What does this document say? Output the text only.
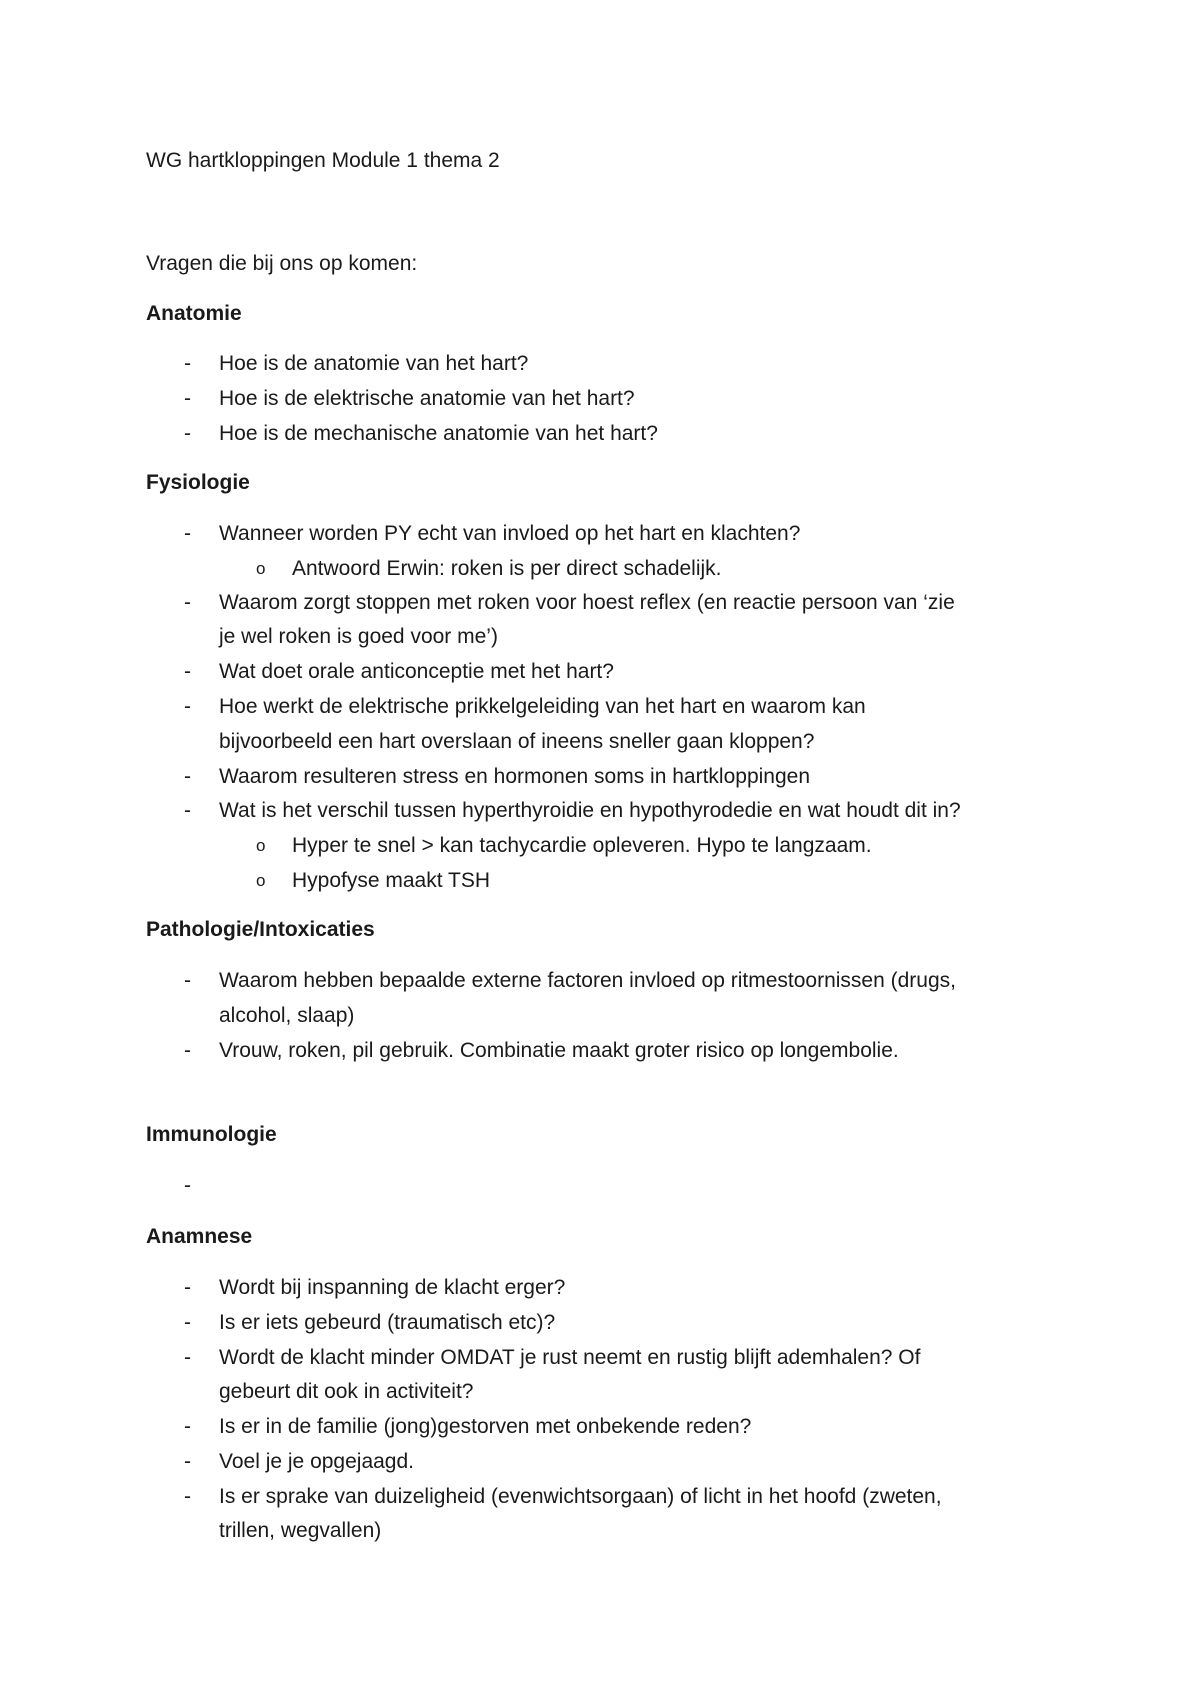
WG hartkloppingen Module 1 thema 2
Vragen die bij ons op komen:
Anatomie
- Hoe is de anatomie van het hart?
- Hoe is de elektrische anatomie van het hart?
- Hoe is de mechanische anatomie van het hart?
Fysiologie
- Wanneer worden PY echt van invloed op het hart en klachten?
o Antwoord Erwin: roken is per direct schadelijk.
- Waarom zorgt stoppen met roken voor hoest reflex (en reactie persoon van ‘zie
je wel roken is goed voor me’)
- Wat doet orale anticonceptie met het hart?
- Hoe werkt de elektrische prikkelgeleiding van het hart en waarom kan
bijvoorbeeld een hart overslaan of ineens sneller gaan kloppen?
- Waarom resulteren stress en hormonen soms in hartkloppingen
- Wat is het verschil tussen hyperthyroidie en hypothyrodedie en wat houdt dit in?
o Hyper te snel > kan tachycardie opleveren. Hypo te langzaam.
o Hypofyse maakt TSH
Pathologie/Intoxicaties
- Waarom hebben bepaalde externe factoren invloed op ritmestoornissen (drugs,
alcohol, slaap)
- Vrouw, roken, pil gebruik. Combinatie maakt groter risico op longembolie.
Immunologie
-
Anamnese
- Wordt bij inspanning de klacht erger?
- Is er iets gebeurd (traumatisch etc)?
- Wordt de klacht minder OMDAT je rust neemt en rustig blijft ademhalen? Of
gebeurt dit ook in activiteit?
- Is er in de familie (jong)gestorven met onbekende reden?
- Voel je je opgejaagd.
- Is er sprake van duizeligheid (evenwichtsorgaan) of licht in het hoofd (zweten,
trillen, wegvallen)
